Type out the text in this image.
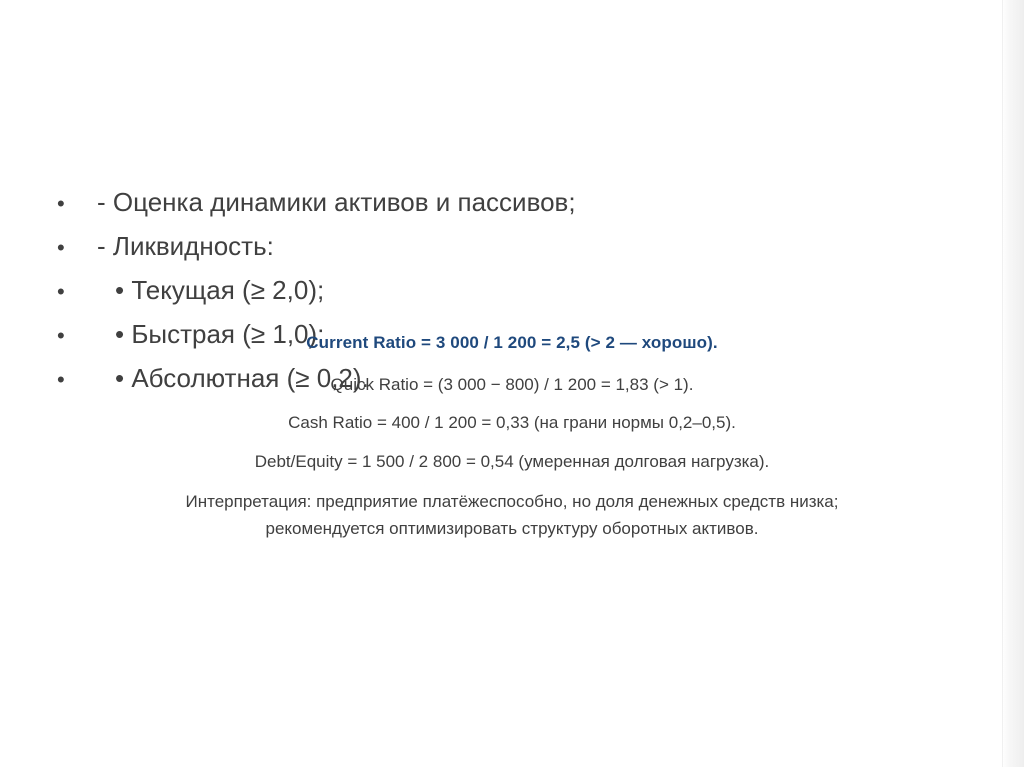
• - Оценка динамики активов и пассивов;
• - Ликвидность:
• • Текущая (≥ 2,0);
• • Быстрая (≥ 1,0);
• • Абсолютная (≥ 0,2).
Current Ratio = 3 000 / 1 200 = 2,5 (> 2 — хорошо).
Quick Ratio = (3 000 − 800) / 1 200 = 1,83 (> 1).
Cash Ratio = 400 / 1 200 = 0,33 (на грани нормы 0,2–0,5).
Debt/Equity = 1 500 / 2 800 = 0,54 (умеренная долговая нагрузка).
Интерпретация: предприятие платёжеспособно, но доля денежных средств низка;
рекомендуется оптимизировать структуру оборотных активов.
